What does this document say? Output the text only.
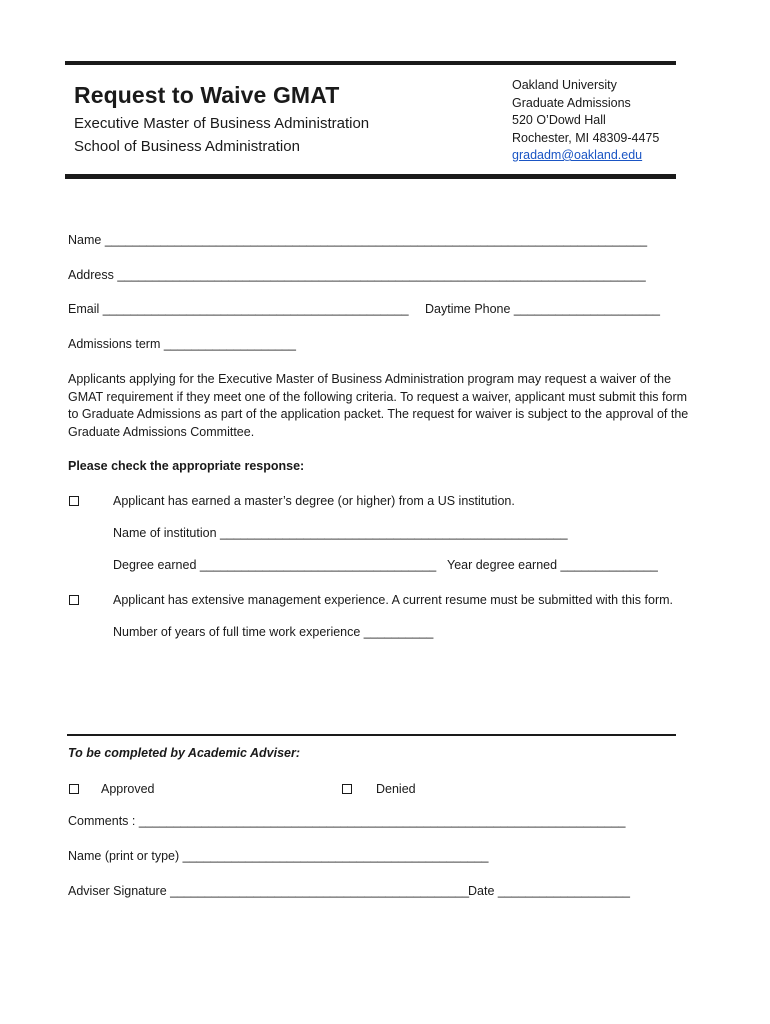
Request to Waive GMAT
Executive Master of Business Administration
School of Business Administration
Oakland University
Graduate Admissions
520 O’Dowd Hall
Rochester, MI 48309-4475
gradadm@oakland.edu
Name ______________________________________________________________________________
Address ____________________________________________________________________________
Email ____________________________________________ Daytime Phone _____________________
Admissions term ___________________
Applicants applying for the Executive Master of Business Administration program may request a waiver of the GMAT requirement if they meet one of the following criteria. To request a waiver, applicant must submit this form to Graduate Admissions as part of the application packet. The request for waiver is subject to the approval of the Graduate Admissions Committee.
Please check the appropriate response:
Applicant has earned a master’s degree (or higher) from a US institution.
Name of institution __________________________________________________
Degree earned __________________________________ Year degree earned ______________
Applicant has extensive management experience. A current resume must be submitted with this form.
Number of years of full time work experience __________
To be completed by Academic Adviser:
Approved	Denied
Comments : ______________________________________________________________________
Name (print or type) ____________________________________________
Adviser Signature ___________________________________________
Date ___________________
